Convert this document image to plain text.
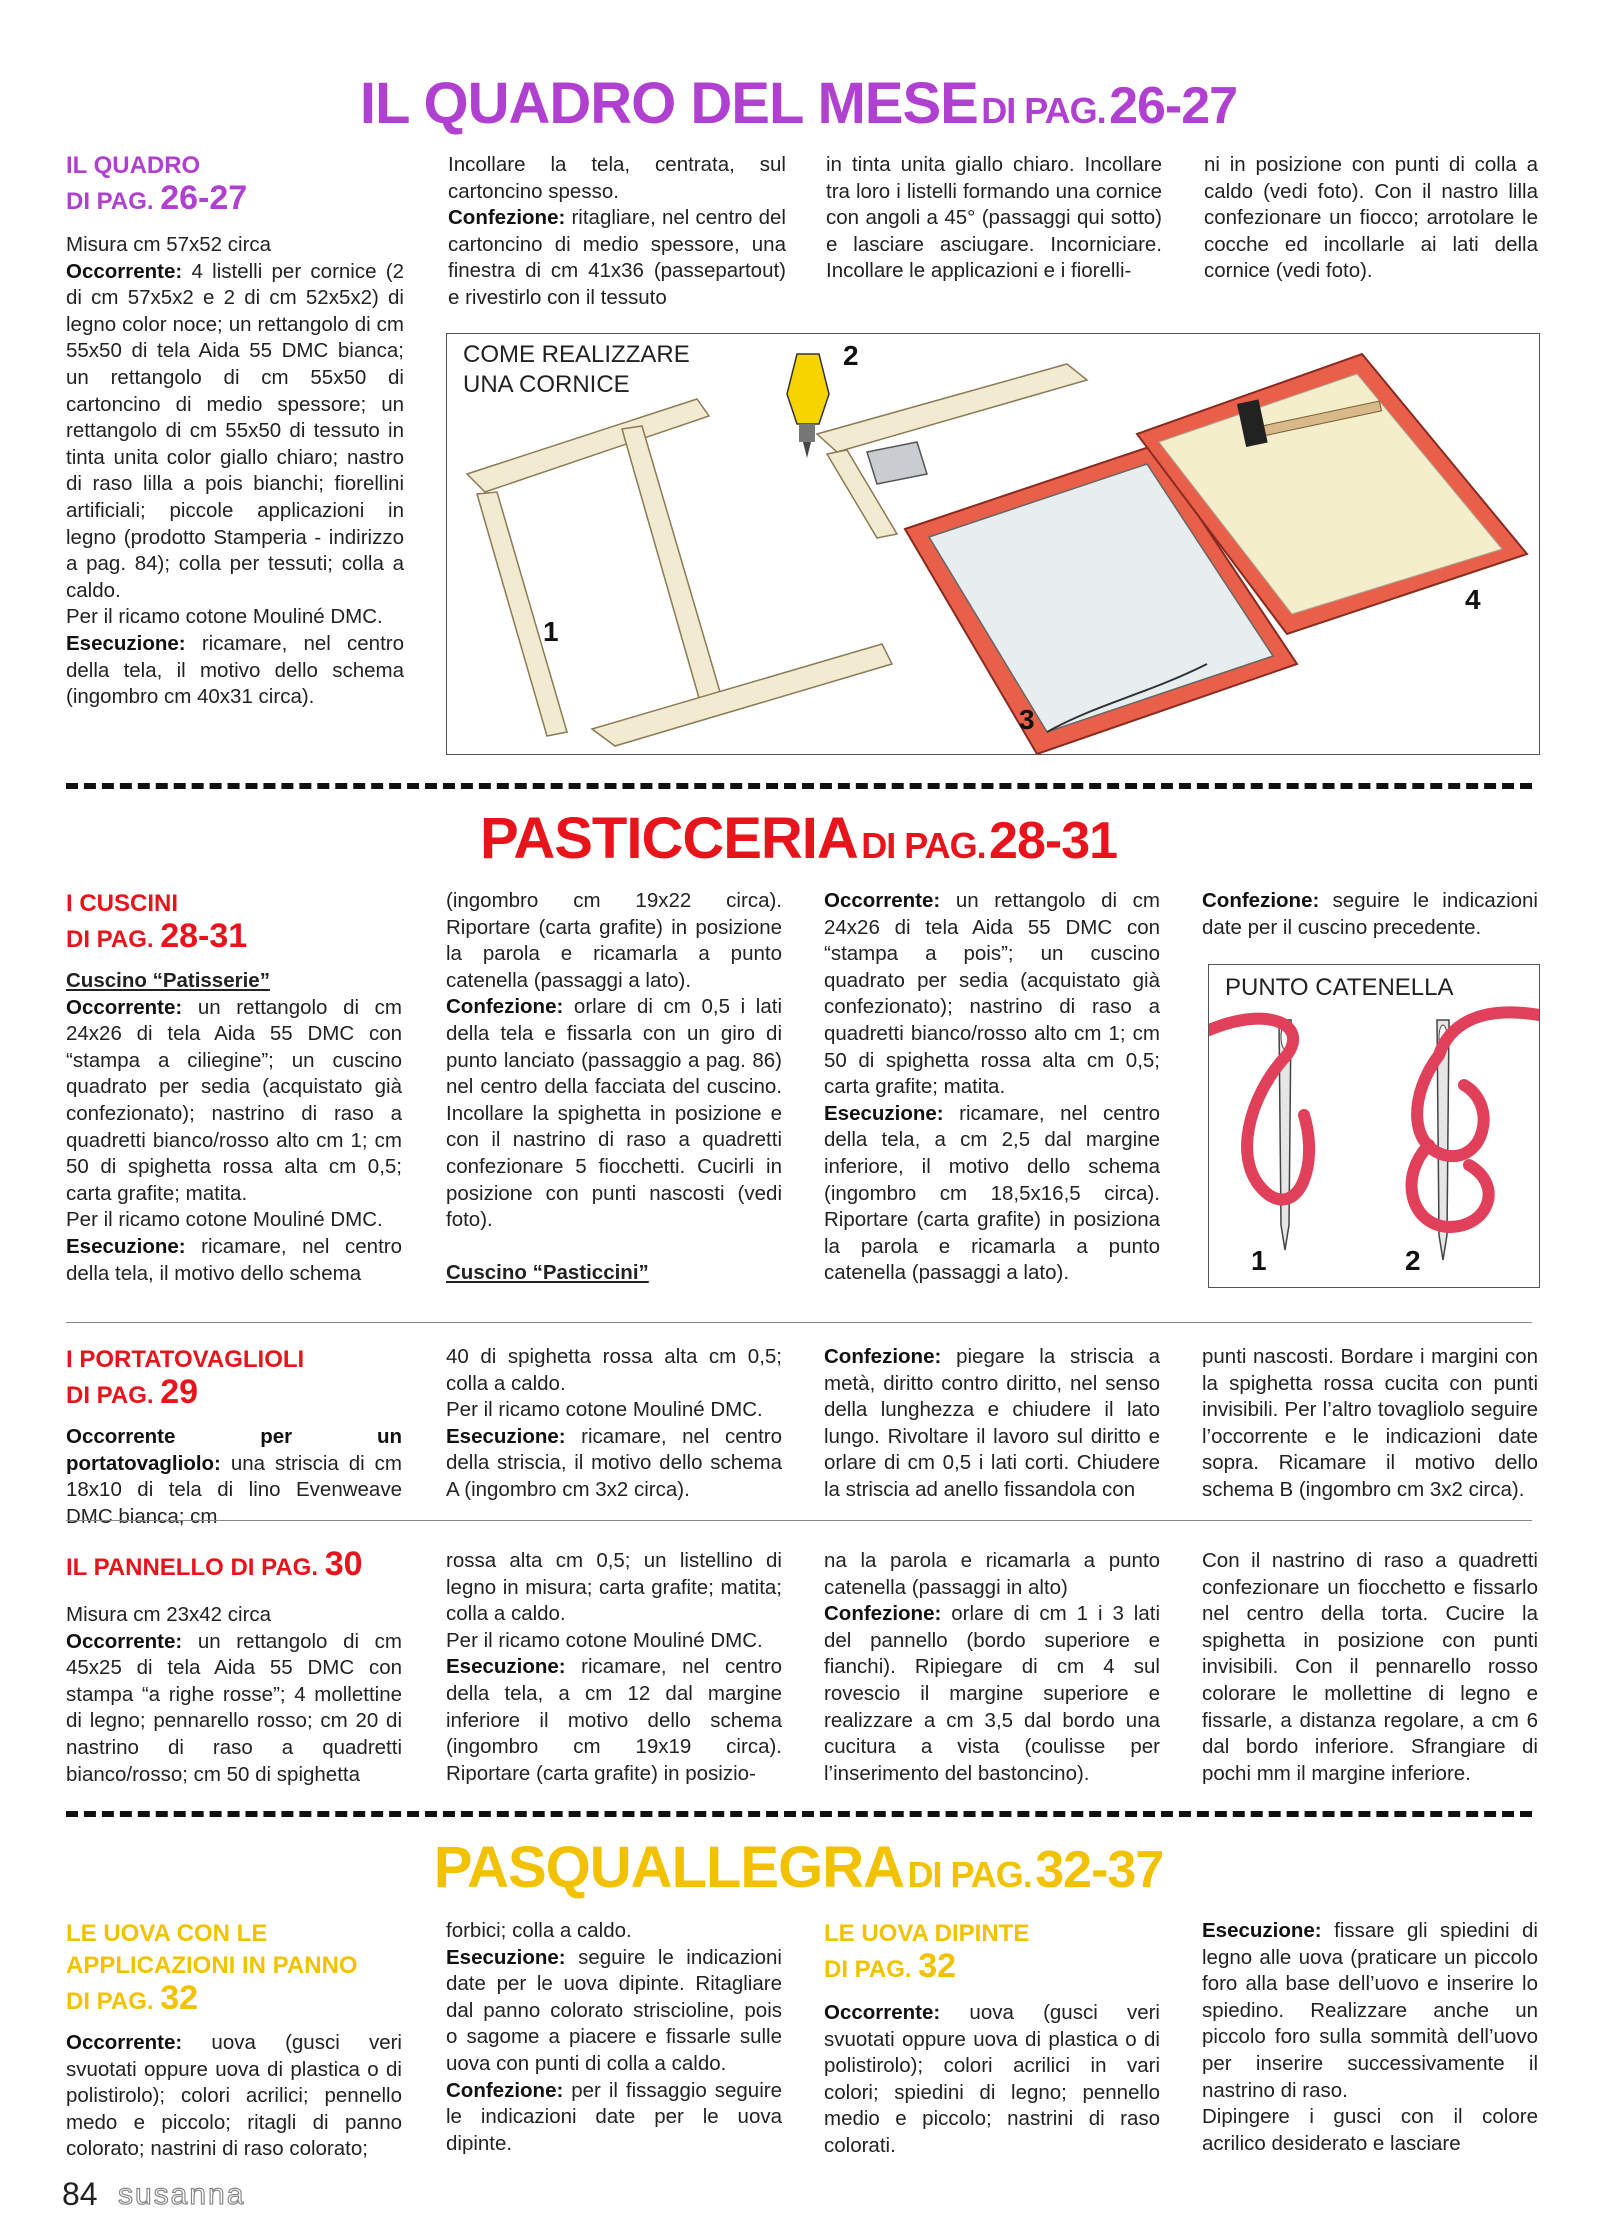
IL QUADRO DEL MESE DI PAG. 26-27
IL QUADRO
DI PAG. 26-27

Misura cm 57x52 circa

Occorrente: 4 listelli per cornice (2 di cm 57x5x2 e 2 di cm 52x5x2) di legno color noce; un rettangolo di cm 55x50 di tela Aida 55 DMC bianca; un rettangolo di cm 55x50 di cartoncino di medio spessore; un rettangolo di cm 55x50 di tessuto in tinta unita color giallo chiaro; nastro di raso lilla a pois bianchi; fiorellini artificiali; piccole applicazioni in legno (prodotto Stamperia - indirizzo a pag. 84); colla per tessuti; colla a caldo.

Per il ricamo cotone Mouliné DMC.

Esecuzione: ricamare, nel centro della tela, il motivo dello schema (ingombro cm 40x31 circa).

Incollare la tela, centrata, sul cartoncino spesso.

Confezione: ritagliare, nel centro del cartoncino di medio spessore, una finestra di cm 41x36 (passepartout) e rivestirlo con il tessuto

in tinta unita giallo chiaro. Incollare tra loro i listelli formando una cornice con angoli a 45° (passaggi qui sotto) e lasciare asciugare. Incorniciare. Incollare le applicazioni e i fiorelli-

ni in posizione con punti di colla a caldo (vedi foto). Con il nastro lilla confezionare un fiocco; arrotolare le cocche ed incollarle ai lati della cornice (vedi foto).

COME REALIZZARE
UNA CORNICE
1
2
3
4
PASTICCERIA DI PAG. 28-31
I CUSCINI
DI PAG. 28-31

Cuscino “Patisserie”

Occorrente: un rettangolo di cm 24x26 di tela Aida 55 DMC con “stampa a ciliegine”; un cuscino quadrato per sedia (acquistato già confezionato); nastrino di raso a quadretti bianco/rosso alto cm 1; cm 50 di spighetta rossa alta cm 0,5; carta grafite; matita.

Per il ricamo cotone Mouliné DMC.

Esecuzione: ricamare, nel centro della tela, il motivo dello schema

(ingombro cm 19x22 circa). Riportare (carta grafite) in posizione la parola e ricamarla a punto catenella (passaggi a lato).

Confezione: orlare di cm 0,5 i lati della tela e fissarla con un giro di punto lanciato (passaggio a pag. 86) nel centro della facciata del cuscino. Incollare la spighetta in posizione e con il nastrino di raso a quadretti confezionare 5 fiocchetti. Cucirli in posizione con punti nascosti (vedi foto).

Cuscino “Pasticcini”

Occorrente: un rettangolo di cm 24x26 di tela Aida 55 DMC con “stampa a pois”; un cuscino quadrato per sedia (acquistato già confezionato); nastrino di raso a quadretti bianco/rosso alto cm 1; cm 50 di spighetta rossa alta cm 0,5; carta grafite; matita.

Esecuzione: ricamare, nel centro della tela, a cm 2,5 dal margine inferiore, il motivo dello schema (ingombro cm 18,5x16,5 circa). Riportare (carta grafite) in posiziona la parola e ricamarla a punto catenella (passaggi a lato).

Confezione: seguire le indicazioni date per il cuscino precedente.

PUNTO CATENELLA
1	2
I PORTATOVAGLIOLI
DI PAG. 29

Occorrente per un portatovagliolo: una striscia di cm 18x10 di tela di lino Evenweave DMC bianca; cm

40 di spighetta rossa alta cm 0,5; colla a caldo.

Per il ricamo cotone Mouliné DMC.

Esecuzione: ricamare, nel centro della striscia, il motivo dello schema A (ingombro cm 3x2 circa).

Confezione: piegare la striscia a metà, diritto contro diritto, nel senso della lunghezza e chiudere il lato lungo. Rivoltare il lavoro sul diritto e orlare di cm 0,5 i lati corti. Chiudere la striscia ad anello fissandola con

punti nascosti. Bordare i margini con la spighetta rossa cucita con punti invisibili. Per l’altro tovagliolo seguire l’occorrente e le indicazioni date sopra. Ricamare il motivo dello schema B (ingombro cm 3x2 circa).

IL PANNELLO DI PAG. 30

Misura cm 23x42 circa

Occorrente: un rettangolo di cm 45x25 di tela Aida 55 DMC con stampa “a righe rosse”; 4 mollettine di legno; pennarello rosso; cm 20 di nastrino di raso a quadretti bianco/rosso; cm 50 di spighetta

rossa alta cm 0,5; un listellino di legno in misura; carta grafite; matita; colla a caldo.

Per il ricamo cotone Mouliné DMC.

Esecuzione: ricamare, nel centro della tela, a cm 12 dal margine inferiore il motivo dello schema (ingombro cm 19x19 circa). Riportare (carta grafite) in posizio-

na la parola e ricamarla a punto catenella (passaggi in alto)

Confezione: orlare di cm 1 i 3 lati del pannello (bordo superiore e fianchi). Ripiegare di cm 4 sul rovescio il margine superiore e realizzare a cm 3,5 dal bordo una cucitura a vista (coulisse per l’inserimento del bastoncino).

Con il nastrino di raso a quadretti confezionare un fiocchetto e fissarlo nel centro della torta. Cucire la spighetta in posizione con punti invisibili. Con il pennarello rosso colorare le mollettine di legno e fissarle, a distanza regolare, a cm 6 dal bordo inferiore. Sfrangiare di pochi mm il margine inferiore.

PASQUALLEGRA DI PAG. 32-37
LE UOVA CON LE
APPLICAZIONI IN PANNO
DI PAG. 32

Occorrente: uova (gusci veri svuotati oppure uova di plastica o di polistirolo); colori acrilici; pennello medo e piccolo; ritagli di panno colorato; nastrini di raso colorato;

forbici; colla a caldo.

Esecuzione: seguire le indicazioni date per le uova dipinte. Ritagliare dal panno colorato striscioline, pois o sagome a piacere e fissarle sulle uova con punti di colla a caldo.

Confezione: per il fissaggio seguire le indicazioni date per le uova dipinte.

LE UOVA DIPINTE
DI PAG. 32

Occorrente: uova (gusci veri svuotati oppure uova di plastica o di polistirolo); colori acrilici in vari colori; spiedini di legno; pennello medio e piccolo; nastrini di raso colorati.

Esecuzione: fissare gli spiedini di legno alle uova (praticare un piccolo foro alla base dell’uovo e inserire lo spiedino. Realizzare anche un piccolo foro sulla sommità dell’uovo per inserire successivamente il nastrino di raso.

Dipingere i gusci con il colore acrilico desiderato e lasciare

84 susanna
